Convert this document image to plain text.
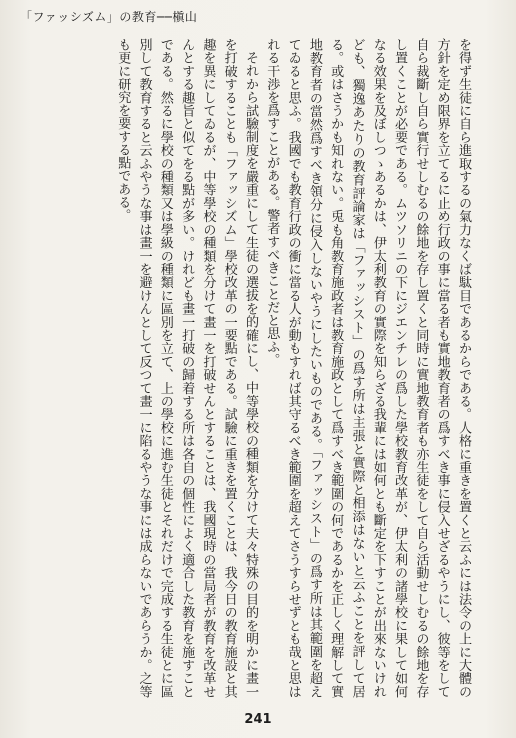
「ファッシズム」の教育──槇山

を得ず生徒に自ら進取するの氣力なくば駄目であるからである。人格に重きを置くと云ふには法令の上に大體の方針を定め限界を立てるに止め行政の事に當る者も實地教育者の爲すべき事に侵入せざるやうにし、彼等をして自ら裁斷し自ら實行せしむるの餘地を存し置くと同時に實地教育者も亦生徒をして自ら活動せしむるの餘地を存し置くことが必要である。ムツソリニの下にジエンチレの爲した學校教育改革が、伊太利の諸學校に果して如何なる效果を及ぼしつゝあるかは、伊太利教育の實際を知らざる我輩には如何とも斷定を下すことが出來ないけれども、獨逸あたりの教育評論家は「ファッシスト」の爲す所は主張と實際と相添はないと云ふことを評して居る。或はさうかも知れない。兎も角教育施政者は教育施政として爲すべき範圍の何であるかを正しく理解して實地教育者の當然爲すべき領分に侵入しないやうにしたいものである。「ファッシスト」の爲す所は其範圍を超えてゐると思ふ。我國でも教育行政の衝に當る人が動もすれば其守るべき範圍を超えてさうすらせずとも哉と思はれる干渉を爲すことがある。警者すべきことだと思ふ。

それから試驗制度を嚴重にして生徒の選拔を的確にし、中等學校の種類を分けて夫々特殊の目的を明かに畫一を打破することも「ファッシズム」學校改革の一要點である。試驗に重きを置くことは、我今日の教育施設と其趣を異にしてゐるが、中等學校の種類を分けて畫一を打破せんとすることは、我國現時の當局者が教育を改革せんとする趣旨と似てをる點が多い。けれども畫一打破の歸着する所は各自の個性によく適合した教育を施すことである。然るに學校の種類又は學級の種類に區別を立て、上の學校に進む生徒とそれだけで完成する生徒とに區別して教育すると云ふやうな事は畫一を避けんとして反つて畫一に陷るやうな事には成らないであらうか。之等も更に研究を要する點である。

241
